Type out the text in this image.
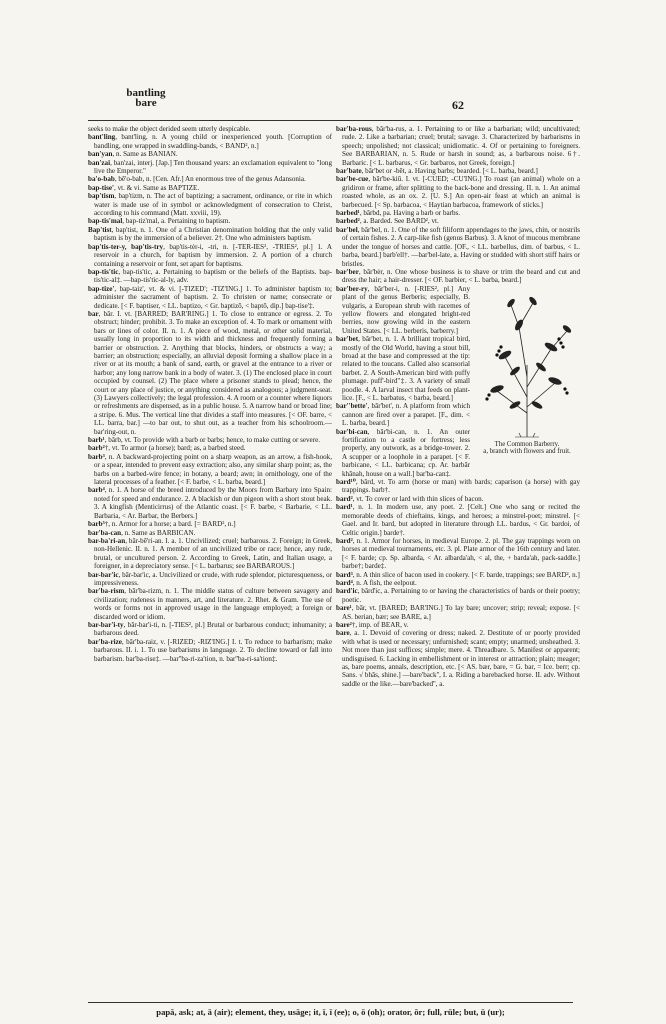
bantling
bare	62

seeks to make the object derided seem utterly despicable.

bant'ling, bant'ling, n. A young child or inexperienced youth. [Corruption of bandling, one wrapped in swaddling-bands, < BAND², n.]

ban'yan, n. Same as BANIAN.

ban'zai, ban'zai, interj. [Jap.] Ten thousand years: an exclamation equivalent to "long live the Emperor."

ba'o-bab, bē'o-bab, n. [Cen. Afr.] An enormous tree of the genus Adansonia.

bap-tise', vt. & vi. Same as BAPTIZE.

bap'tism, bap'tizm, n. The act of baptizing; a sacrament, ordinance, or rite in which water is made use of in symbol or acknowledgment of consecration to Christ, according to his command (Matt. xxviii, 19).

bap-tis'mal, bap-tiz'mal, a. Pertaining to baptism.

Bap'tist, bap'tist, n. 1. One of a Christian denomination holding that the only valid baptism is by the immersion of a believer. 2†. One who administers baptism.

bap'tis-ter-y, bap'tis-try, bap'tis-tėr-i, -tri, n. [-TER-IES², -TRIES², pl.] 1. A reservoir in a church, for baptism by immersion. 2. A portion of a church containing a reservoir or font, set apart for baptisms.

bap-tis'tic, bap-tis'tic, a. Pertaining to baptism or the beliefs of the Baptists. bap-tis'tic-al‡. —bap-tis'tic-al-ly, adv.

bap-tize', bap-taiz', vt. & vi. [-TIZED'; -TIZ'ING.] 1. To administer baptism to; administer the sacrament of baptism. 2. To christen or name; consecrate or dedicate. [< F. baptiser, < LL. baptizo, < Gr. baptizō, < baptō, dip.] bap-tise'‡.

bar, bār. I. vt. [BARRED; BAR'RING.] 1. To close to entrance or egress. 2. To obstruct; hinder; prohibit. 3. To make an exception of. 4. To mark or ornament with bars or lines of color. II. n. 1. A piece of wood, metal, or other solid material, usually long in proportion to its width and thickness and frequently forming a barrier or obstruction. 2. Anything that blocks, hinders, or obstructs a way; a barrier; an obstruction; especially, an alluvial deposit forming a shallow place in a river or at its mouth; a bank of sand, earth, or gravel at the entrance to a river or harbor; any long narrow bank in a body of water. 3. (1) The enclosed place in court occupied by counsel. (2) The place where a prisoner stands to plead; hence, the court or any place of justice, or anything considered as analogous; a judgment-seat. (3) Lawyers collectively; the legal profession. 4. A room or a counter where liquors or refreshments are dispensed, as in a public house. 5. A narrow band or broad line; a stripe. 6. Mus. The vertical line that divides a staff into measures. [< OF. barre, < LL. barra, bar.] —to bar out, to shut out, as a teacher from his schoolroom.—bar'ring-out, n.

barb¹, bārb, vt. To provide with a barb or barbs; hence, to make cutting or severe.

barb²†, vt. To armor (a horse); bard; as, a barbed steed.

barb³, n. A backward-projecting point on a sharp weapon, as an arrow, a fish-hook, or a spear, intended to prevent easy extraction; also, any similar sharp point; as, the barbs on a barbed-wire fence; in botany, a beard; awn; in ornithology, one of the lateral processes of a feather. [< F. barbe, < L. barba, beard.]

barb⁴, n. 1. A horse of the breed introduced by the Moors from Barbary into Spain: noted for speed and endurance. 2. A blackish or dun pigeon with a short stout beak. 3. A kingfish (Menticirrus) of the Atlantic coast. [< F. barbe, < Barbarie, < LL. Barbaria, < Ar. Barbar, the Berbers.]

barb⁵†, n. Armor for a horse; a bard. [= BARD², n.]

bar'ba-can, n. Same as BARBICAN.

bar-ba'ri-an, bār-bē'ri-an. I. a. 1. Uncivilized; cruel; barbarous. 2. Foreign; in Greek, non-Hellenic. II. n. 1. A member of an uncivilized tribe or race; hence, any rude, brutal, or uncultured person. 2. According to Greek, Latin, and Italian usage, a foreigner, in a depreciatory sense. [< L. barbarus; see BARBAROUS.]

bar-bar'ic, bār-bar'ic, a. Uncivilized or crude, with rude splendor, picturesqueness, or impressiveness.

bar'ba-rism, bār'ba-rizm, n. 1. The middle status of culture between savagery and civilization; rudeness in manners, art, and literature. 2. Rhet. & Gram. The use of words or forms not in approved usage in the language employed; a foreign or discarded word or idiom.

bar-bar'i-ty, bār-bar'i-ti, n. [-TIES², pl.] Brutal or barbarous conduct; inhumanity; a barbarous deed.

bar'ba-rize, bār'ba-raiz, v. [-RIZED; -RIZ'ING.] I. t. To reduce to barbarism; make barbarous. II. i. 1. To use barbarisms in language. 2. To decline toward or fall into barbarism. bar'ba-rise‡. —bar''ba-ri-za'tion, n. bar''ba-ri-sa'tion‡.

bar'ba-rous, bār'ba-rus, a. 1. Pertaining to or like a barbarian; wild; uncultivated; rude. 2. Like a barbarian; cruel; brutal; savage. 3. Characterized by barbarisms in speech; unpolished; not classical; unidiomatic. 4. Of or pertaining to foreigners. See BARBARIAN, n. 5. Rude or harsh in sound; as, a barbarous noise. 6†. Barbaric. [< L. barbarus, < Gr. barbaros, not Greek, foreign.]

bar'bate, bār'bet or -bēt, a. Having barbs; bearded. [< L. barba, beard.]

bar'be-cue, bār'be-kiū. I. vt. [-CUED; -CU'ING.] To roast (an animal) whole on a gridiron or frame, after splitting to the back-bone and dressing. II. n. 1. An animal roasted whole, as an ox. 2. [U. S.] An open-air feast at which an animal is barbecued. [< Sp. barbacoa, < Haytian barbacoa, framework of sticks.]

barbed¹, bārbd, pa. Having a barb or barbs.

barbed², a. Barded. See BARD², vt.

bar'bel, bār'bel, n. 1. One of the soft filiform appendages to the jaws, chin, or nostrils of certain fishes. 2. A carp-like fish (genus Barbus). 3. A knot of mucous membrane under the tongue of horses and cattle. [OF., < LL. barbellus, dim. of barbus, < L. barba, beard.] barb'ell†. —bar'bel-late, a. Having or studded with short stiff hairs or bristles.

bar'ber, bār'bėr, n. One whose business is to shave or trim the beard and cut and dress the hair; a hair-dresser. [< OF. barbier, < L. barba, beard.]

The Common Barberry.
a, branch with flowers and fruit.

bar'ber-ry, bār'ber-i, n. [-RIES², pl.] Any plant of the genus Berberis; especially, B. vulgaris, a European shrub with racemes of yellow flowers and elongated bright-red berries, now growing wild in the eastern United States. [< LL. berberis, barberry.]

bar'bet, bār'bet, n. 1. A brilliant tropical bird, mostly of the Old World, having a stout bill, broad at the base and compressed at the tip: related to the toucans. Called also scansorial barbet. 2. A South-American bird with puffy plumage. puff'-bird''‡. 3. A variety of small poodle. 4. A larval insect that feeds on plant-lice. [F., < L. barbatus, < barba, beard.]

bar''bette', bār'bet', n. A platform from which cannon are fired over a parapet. [F., dim. < L. barba, beard.]

bar'bi-can, bār'bi-can, n. 1. An outer fortification to a castle or fortress; less properly, any outwork, as a bridge-tower. 2. A scupper or a loophole in a parapet. [< F. barbicane, < LL. barbicana; cp. Ar. barbār khānah, house on a wall.] bar'ba-can‡.

bard¹⁰, bārd, vt. To arm (horse or man) with bards; caparison (a horse) with gay trappings. barb†.

bard², vt. To cover or lard with thin slices of bacon.

bard¹, n. 1. In modern use, any poet. 2. [Celt.] One who sang or recited the memorable deeds of chieftains, kings, and heroes; a minstrel-poet; minstrel. [< Gael. and Ir. bard, but adopted in literature through LL. bardus, < Gr. bardoi, of Celtic origin.] barde†.

bard², n. 1. Armor for horses, in medieval Europe. 2. pl. The gay trappings worn on horses at medieval tournaments, etc. 3. pl. Plate armor of the 16th century and later. [< F. barde; cp. Sp. albarda, < Ar. albarda'ah, < al, the, + barda'ah, pack-saddle.] barbe†; barde‡.

bard³, n. A thin slice of bacon used in cookery. [< F. barde, trappings; see BARD², n.]

bard⁴, n. A fish, the eelpout.

bard'ic, bārd'ic, a. Pertaining to or having the characteristics of bards or their poetry; poetic.

bare¹, bār, vt. [BARED; BAR'ING.] To lay bare; uncover; strip; reveal; expose. [< AS. berian, bær; see BARE, a.]

bare²†, imp. of BEAR, v.

bare, a. 1. Devoid of covering or dress; naked. 2. Destitute of or poorly provided with what is used or necessary; unfurnished; scant; empty; unarmed; unsheathed. 3. Not more than just suffices; simple; mere. 4. Threadbare. 5. Manifest or apparent; undisguised. 6. Lacking in embellishment or in interest or attraction; plain; meager; as, bare poems, annals, description, etc. [< AS. bær, bare, = G. bar, = Ice. berr; cp. Sans. √ bhās, shine.] —bare'back'', I. a. Riding a barebacked horse. II. adv. Without saddle or the like.—bare'backed'', a.

papā, ask; at, ā (air); element, they, usāge; it, ī, ī (ee); o, ō (oh); orator, ōr; full, rūle; but, ū (ur);
